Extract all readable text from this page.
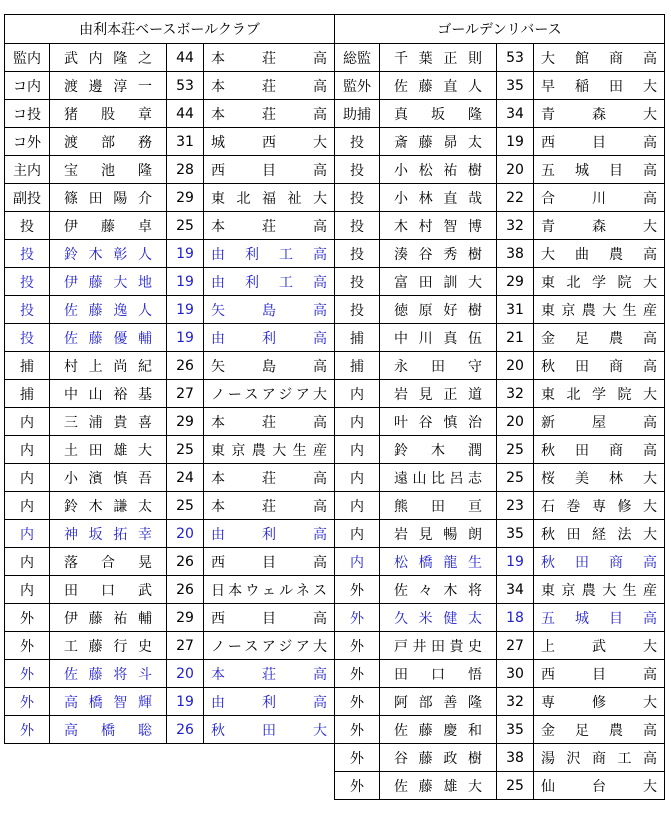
由利本荘ベースボールクラブ			
監内	武内隆之	44	本荘高
コ内	渡邊淳一	53	本荘高
コ投	猪股章	44	本荘高
コ外	渡部務	31	城西大
主内	宝池隆	28	西目高
副投	篠田陽介	29	東北福祉大
投	伊藤卓	25	本荘高
投	鈴木彰人	19	由利工高
投	伊藤大地	19	由利工高
投	佐藤逸人	19	矢島高
投	佐藤優輔	19	由利高
捕	村上尚紀	26	矢島高
捕	中山裕基	27	ノースアジア大
内	三浦貴喜	29	本荘高
内	土田雄大	25	東京農大生産
内	小濱慎吾	24	本荘高
内	鈴木謙太	25	本荘高
内	神坂拓幸	20	由利高
内	落合晃	26	西目高
内	田口武	26	日本ウェルネス
外	伊藤祐輔	29	西目高
外	工藤行史	27	ノースアジア大
外	佐藤将斗	20	本荘高
外	高橋智輝	19	由利高
外	高橋聡	26	秋田大
ゴールデンリバース			
総監	千葉正則	53	大館商高
監外	佐藤直人	35	早稲田大
助捕	真坂隆	34	青森大
投	斎藤昴太	19	西目高
投	小松祐樹	20	五城目高
投	小林直哉	22	合川高
投	木村智博	32	青森大
投	湊谷秀樹	38	大曲農高
投	富田訓大	29	東北学院大
投	徳原好樹	31	東京農大生産
捕	中川真伍	21	金足農高
捕	永田守	20	秋田商高
内	岩見正道	32	東北学院大
内	叶谷慎治	20	新屋高
内	鈴木潤	25	秋田商高
内	遠山比呂志	25	桜美林大
内	熊田亘	23	石巻専修大
内	岩見暢朗	35	秋田経法大
内	松橋龍生	19	秋田商高
外	佐々木将	34	東京農大生産
外	久米健太	18	五城目高
外	戸井田貴史	27	上武大
外	田口悟	30	西目高
外	阿部善隆	32	専修大
外	佐藤慶和	35	金足農高
外	谷藤政樹	38	湯沢商工高
外	佐藤雄大	25	仙台大
